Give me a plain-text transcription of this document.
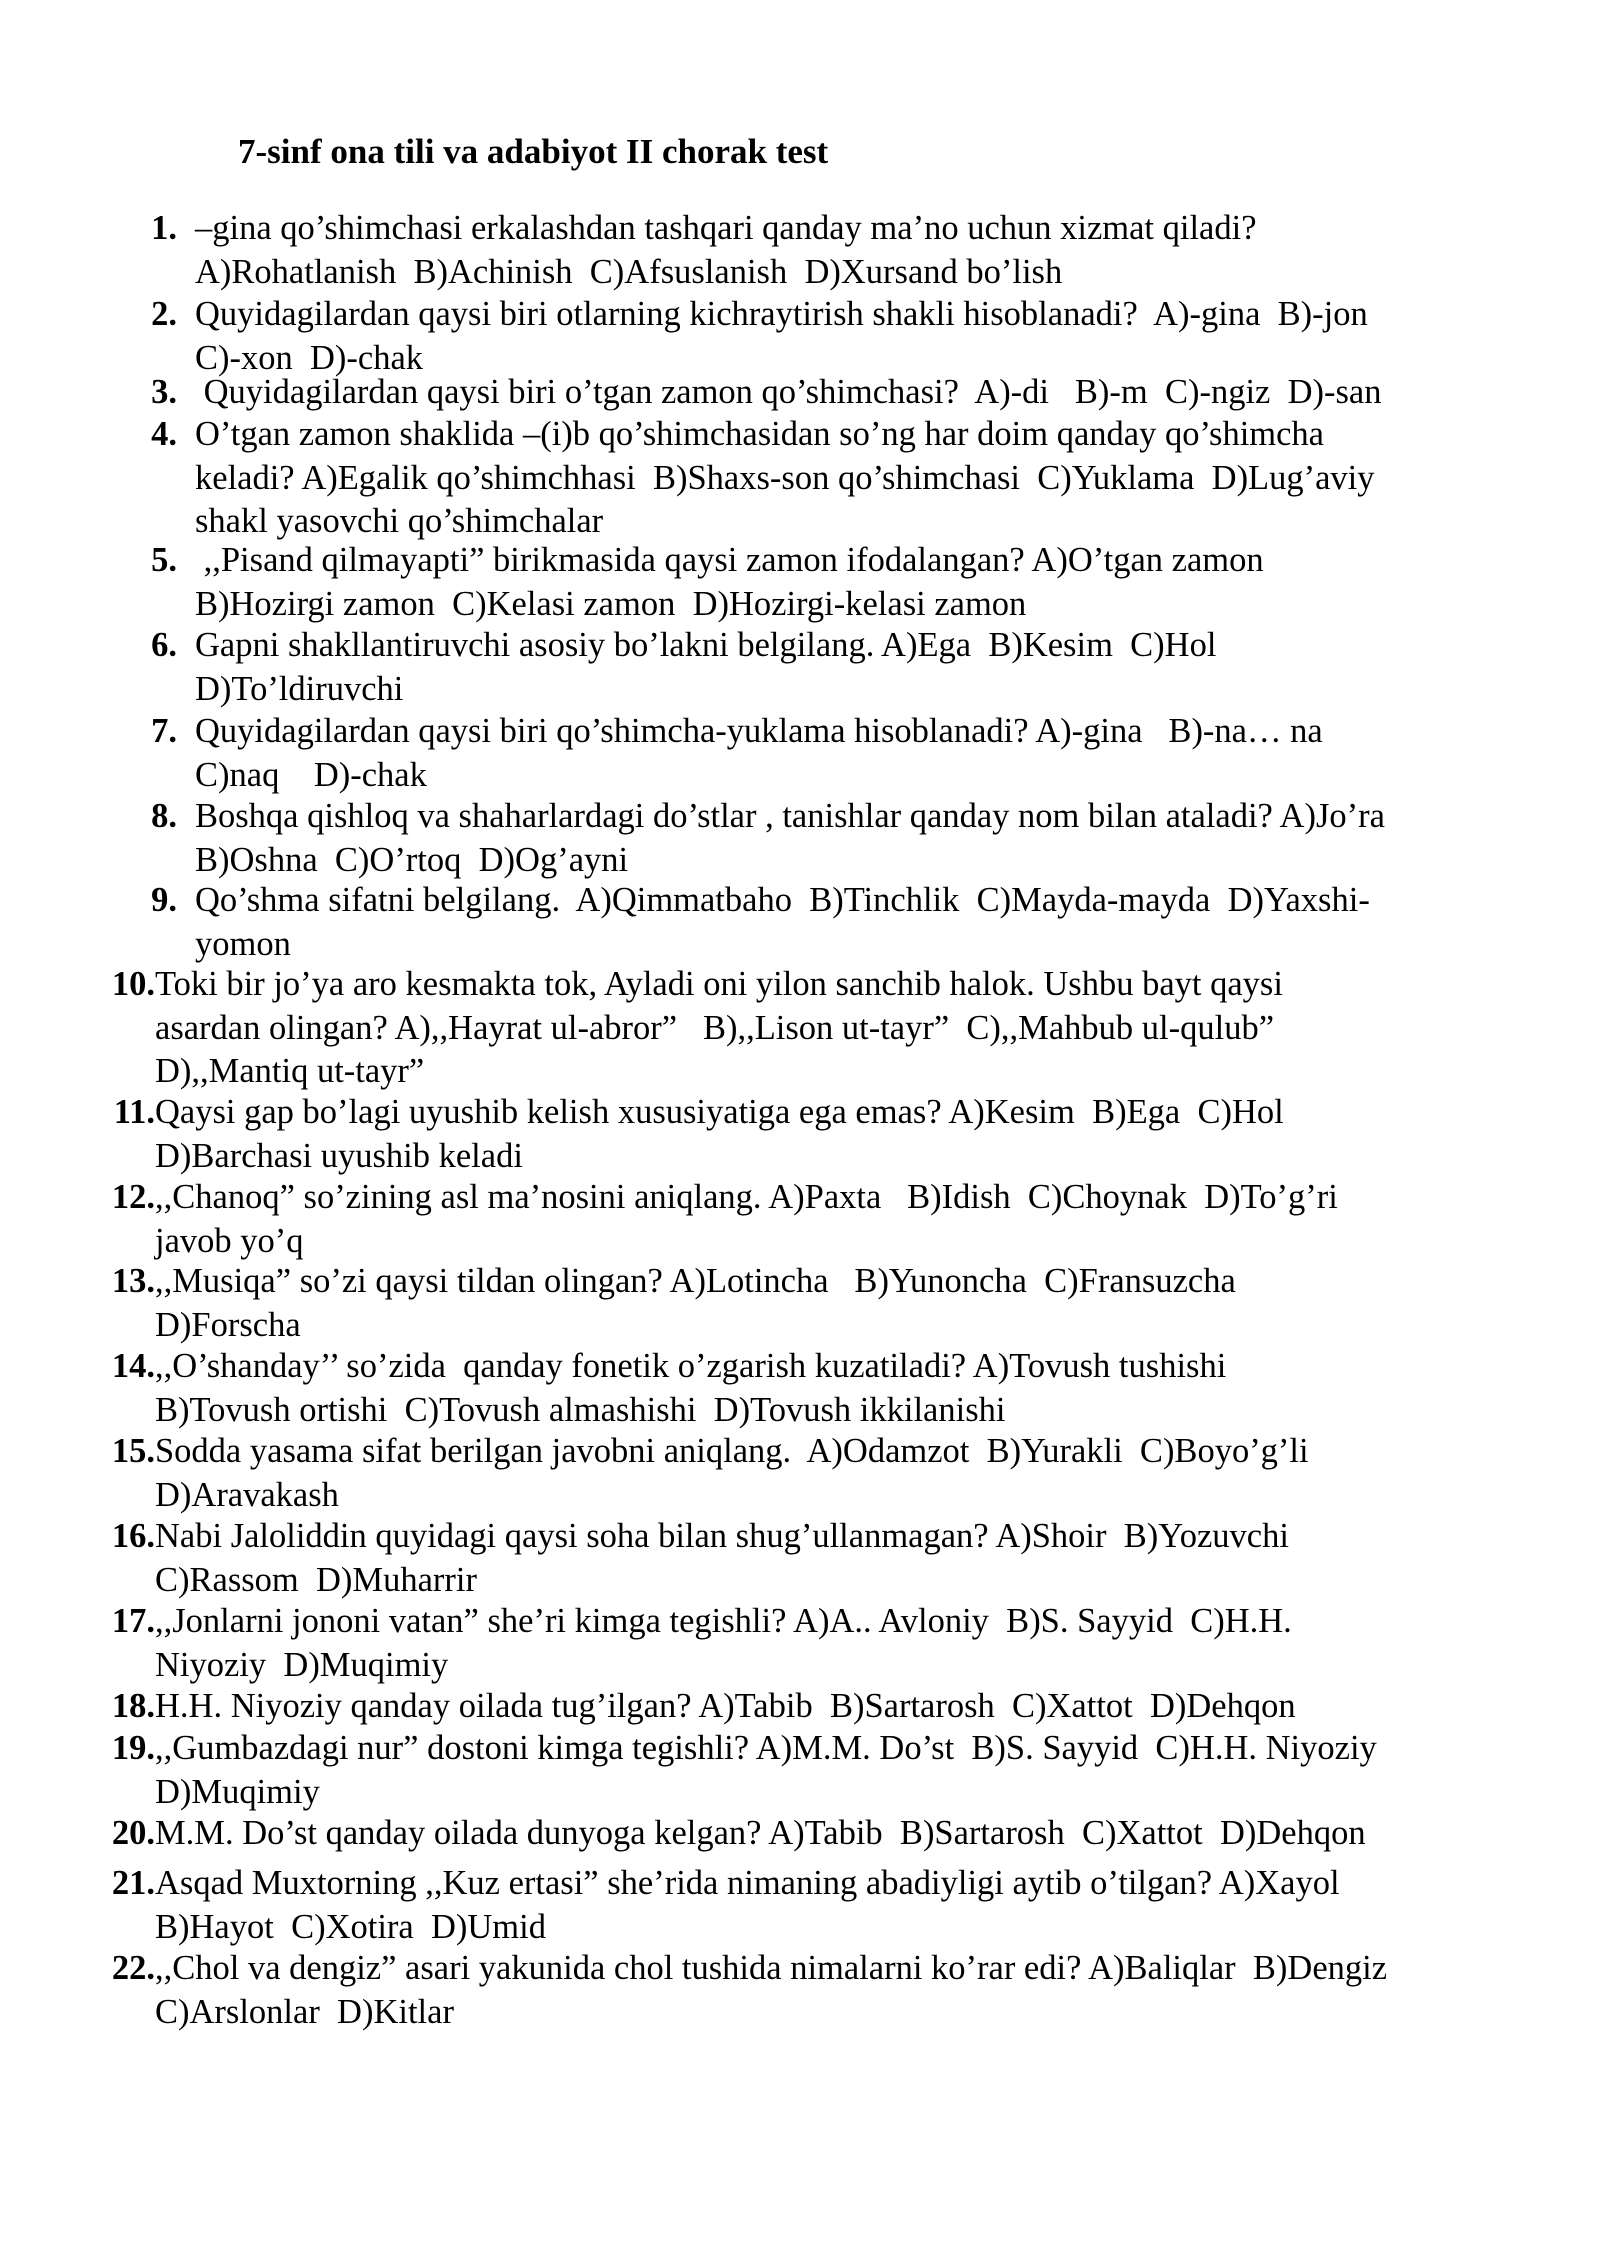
7-sinf ona tili va adabiyot II chorak test
1. –gina qo’shimchasi erkalashdan tashqari qanday ma’no uchun xizmat qiladi?
A)Rohatlanish  B)Achinish  C)Afsuslanish  D)Xursand bo’lish
2. Quyidagilardan qaysi biri otlarning kichraytirish shakli hisoblanadi?  A)-gina  B)-jon
C)-xon  D)-chak
3. Quyidagilardan qaysi biri o’tgan zamon qo’shimchasi?  A)-di   B)-m  C)-ngiz  D)-san
4. O’tgan zamon shaklida –(i)b qo’shimchasidan so’ng har doim qanday qo’shimcha
keladi? A)Egalik qo’shimchhasi  B)Shaxs-son qo’shimchasi  C)Yuklama  D)Lug’aviy
shakl yasovchi qo’shimchalar
5. ,,Pisand qilmayapti” birikmasida qaysi zamon ifodalangan? A)O’tgan zamon
B)Hozirgi zamon  C)Kelasi zamon  D)Hozirgi-kelasi zamon
6. Gapni shakllantiruvchi asosiy bo’lakni belgilang. A)Ega  B)Kesim  C)Hol
D)To’ldiruvchi
7. Quyidagilardan qaysi biri qo’shimcha-yuklama hisoblanadi? A)-gina   B)-na… na
C)naq    D)-chak
8. Boshqa qishloq va shaharlardagi do’stlar , tanishlar qanday nom bilan ataladi? A)Jo’ra
B)Oshna  C)O’rtoq  D)Og’ayni
9. Qo’shma sifatni belgilang.  A)Qimmatbaho  B)Tinchlik  C)Mayda-mayda  D)Yaxshi-
yomon
10. Toki bir jo’ya aro kesmakta tok, Ayladi oni yilon sanchib halok. Ushbu bayt qaysi
asardan olingan? A),,Hayrat ul-abror”   B),,Lison ut-tayr”  C),,Mahbub ul-qulub”
D),,Mantiq ut-tayr”
11. Qaysi gap bo’lagi uyushib kelish xususiyatiga ega emas? A)Kesim  B)Ega  C)Hol
D)Barchasi uyushib keladi
12. ,,Chanoq” so’zining asl ma’nosini aniqlang. A)Paxta   B)Idish  C)Choynak  D)To’g’ri
javob yo’q
13. ,,Musiqa” so’zi qaysi tildan olingan? A)Lotincha   B)Yunoncha  C)Fransuzcha
D)Forscha
14. ,,O’shanday’’ so’zida  qanday fonetik o’zgarish kuzatiladi? A)Tovush tushishi
B)Tovush ortishi  C)Tovush almashishi  D)Tovush ikkilanishi
15. Sodda yasama sifat berilgan javobni aniqlang.  A)Odamzot  B)Yurakli  C)Boyo’g’li
D)Aravakash
16. Nabi Jaloliddin quyidagi qaysi soha bilan shug’ullanmagan? A)Shoir  B)Yozuvchi
C)Rassom  D)Muharrir
17. ,,Jonlarni jononi vatan” she’ri kimga tegishli? A)A.. Avloniy  B)S. Sayyid  C)H.H.
Niyoziy  D)Muqimiy
18. H.H. Niyoziy qanday oilada tug’ilgan? A)Tabib  B)Sartarosh  C)Xattot  D)Dehqon
19. ,,Gumbazdagi nur” dostoni kimga tegishli? A)M.M. Do’st  B)S. Sayyid  C)H.H. Niyoziy
D)Muqimiy
20. M.M. Do’st qanday oilada dunyoga kelgan? A)Tabib  B)Sartarosh  C)Xattot  D)Dehqon
21. Asqad Muxtorning ,,Kuz ertasi” she’rida nimaning abadiyligi aytib o’tilgan? A)Xayol
B)Hayot  C)Xotira  D)Umid
22. ,,Chol va dengiz” asari yakunida chol tushida nimalarni ko’rar edi? A)Baliqlar  B)Dengiz
C)Arslonlar  D)Kitlar
